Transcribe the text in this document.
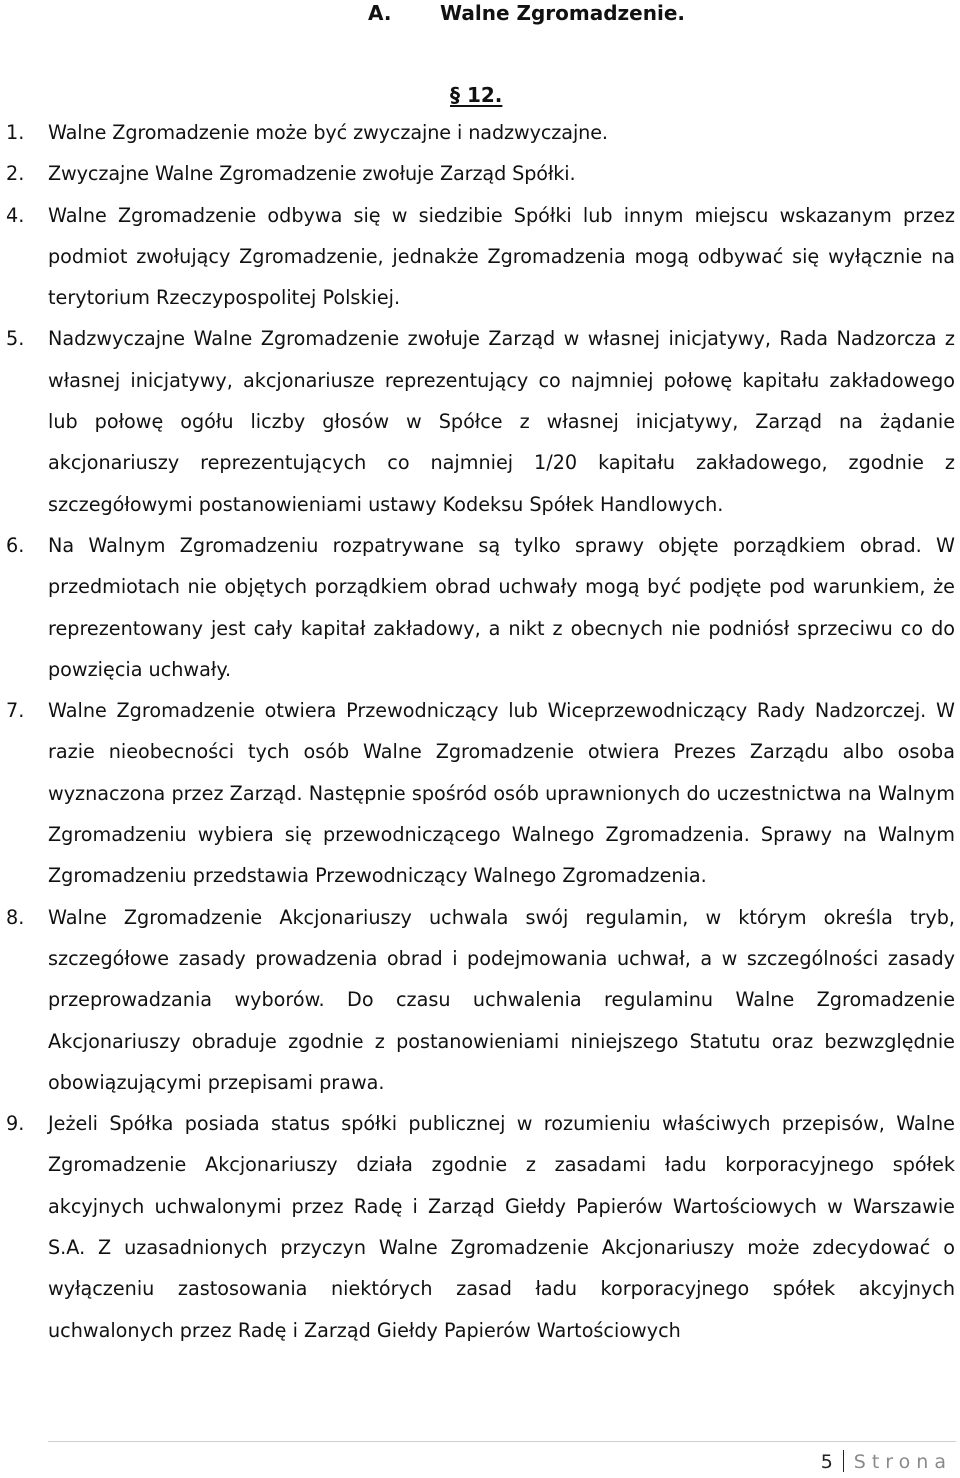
A. Walne Zgromadzenie.
§ 12.
1.	Walne Zgromadzenie może być zwyczajne i nadzwyczajne.
2.	Zwyczajne Walne Zgromadzenie zwołuje Zarząd Spółki.
4.	Walne Zgromadzenie odbywa się w siedzibie Spółki lub innym miejscu wskazanym przez podmiot zwołujący Zgromadzenie, jednakże Zgromadzenia mogą odbywać się wyłącznie na terytorium Rzeczypospolitej Polskiej.
5.	Nadzwyczajne Walne Zgromadzenie zwołuje Zarząd w własnej inicjatywy, Rada Nadzorcza z własnej inicjatywy, akcjonariusze reprezentujący co najmniej połowę kapitału zakładowego lub połowę ogółu liczby głosów w Spółce z własnej inicjatywy, Zarząd na żądanie akcjonariuszy reprezentujących co najmniej 1/20 kapitału zakładowego, zgodnie z szczegółowymi postanowieniami ustawy Kodeksu Spółek Handlowych.
6.	Na Walnym Zgromadzeniu rozpatrywane są tylko sprawy objęte porządkiem obrad. W przedmiotach nie objętych porządkiem obrad uchwały mogą być podjęte pod warunkiem, że reprezentowany jest cały kapitał zakładowy, a nikt z obecnych nie podniósł sprzeciwu co do powzięcia uchwały.
7.	Walne Zgromadzenie otwiera Przewodniczący lub Wiceprzewodniczący Rady Nadzorczej. W razie nieobecności tych osób Walne Zgromadzenie otwiera Prezes Zarządu albo osoba wyznaczona przez Zarząd. Następnie spośród osób uprawnionych do uczestnictwa na Walnym Zgromadzeniu wybiera się przewodniczącego Walnego Zgromadzenia. Sprawy na Walnym Zgromadzeniu przedstawia Przewodniczący Walnego Zgromadzenia.
8.	Walne Zgromadzenie Akcjonariuszy uchwala swój regulamin, w którym określa tryb, szczegółowe zasady prowadzenia obrad i podejmowania uchwał, a w szczególności zasady przeprowadzania wyborów. Do czasu uchwalenia regulaminu Walne Zgromadzenie Akcjonariuszy obraduje zgodnie z postanowieniami niniejszego Statutu oraz bezwzględnie obowiązującymi przepisami prawa.
9.	Jeżeli Spółka posiada status spółki publicznej w rozumieniu właściwych przepisów, Walne Zgromadzenie Akcjonariuszy działa zgodnie z zasadami ładu korporacyjnego spółek akcyjnych uchwalonymi przez Radę i Zarząd Giełdy Papierów Wartościowych w Warszawie S.A. Z uzasadnionych przyczyn Walne Zgromadzenie Akcjonariuszy może zdecydować o wyłączeniu zastosowania niektórych zasad ładu korporacyjnego spółek akcyjnych uchwalonych przez Radę i Zarząd Giełdy Papierów Wartościowych
5 Strona
